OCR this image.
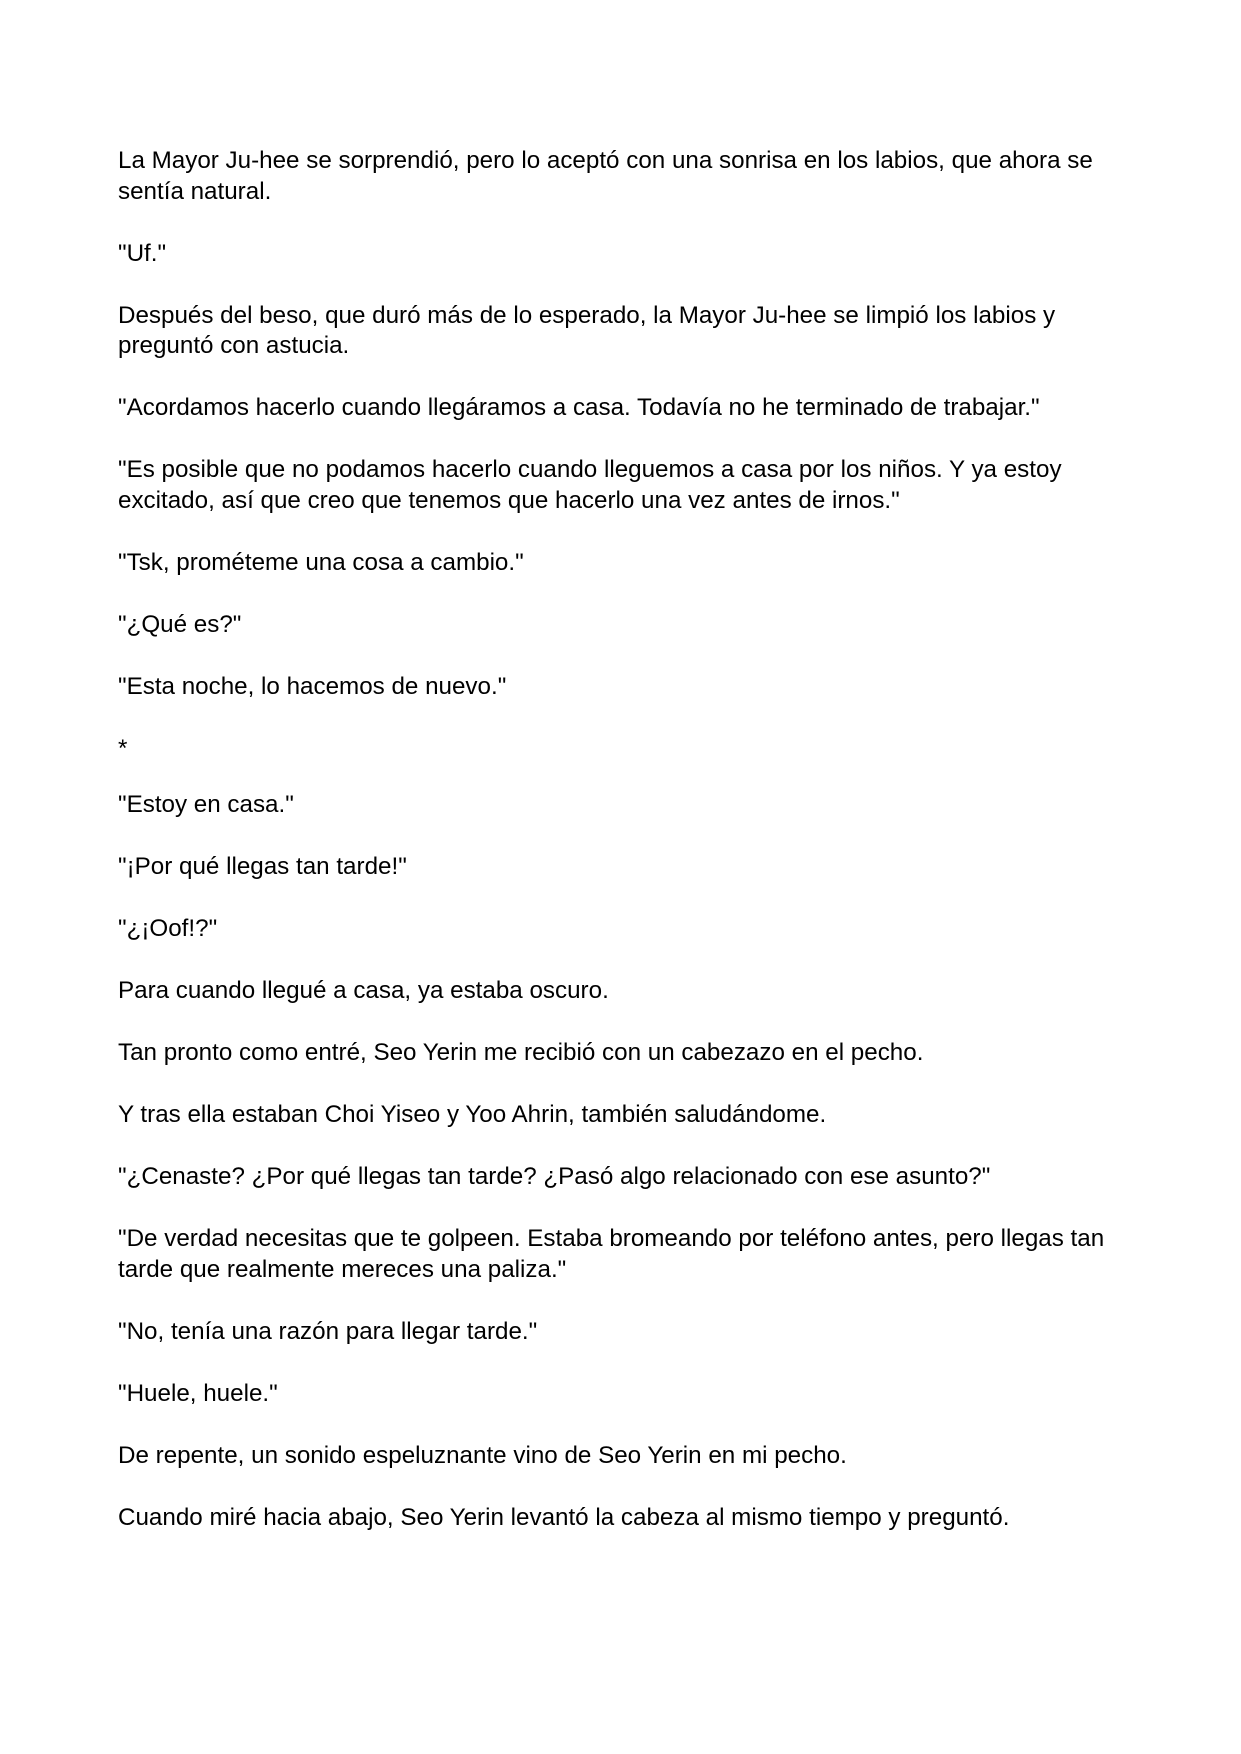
La Mayor Ju-hee se sorprendió, pero lo aceptó con una sonrisa en los labios, que ahora se sentía natural.

"Uf."

Después del beso, que duró más de lo esperado, la Mayor Ju-hee se limpió los labios y preguntó con astucia.

"Acordamos hacerlo cuando llegáramos a casa. Todavía no he terminado de trabajar."

"Es posible que no podamos hacerlo cuando lleguemos a casa por los niños. Y ya estoy excitado, así que creo que tenemos que hacerlo una vez antes de irnos."

"Tsk, prométeme una cosa a cambio."

"¿Qué es?"

"Esta noche, lo hacemos de nuevo."

*

"Estoy en casa."

"¡Por qué llegas tan tarde!"

"¿¡Oof!?"

Para cuando llegué a casa, ya estaba oscuro.

Tan pronto como entré, Seo Yerin me recibió con un cabezazo en el pecho.

Y tras ella estaban Choi Yiseo y Yoo Ahrin, también saludándome.

"¿Cenaste? ¿Por qué llegas tan tarde? ¿Pasó algo relacionado con ese asunto?"

"De verdad necesitas que te golpeen. Estaba bromeando por teléfono antes, pero llegas tan tarde que realmente mereces una paliza."

"No, tenía una razón para llegar tarde."

"Huele, huele."

De repente, un sonido espeluznante vino de Seo Yerin en mi pecho.

Cuando miré hacia abajo, Seo Yerin levantó la cabeza al mismo tiempo y preguntó.
